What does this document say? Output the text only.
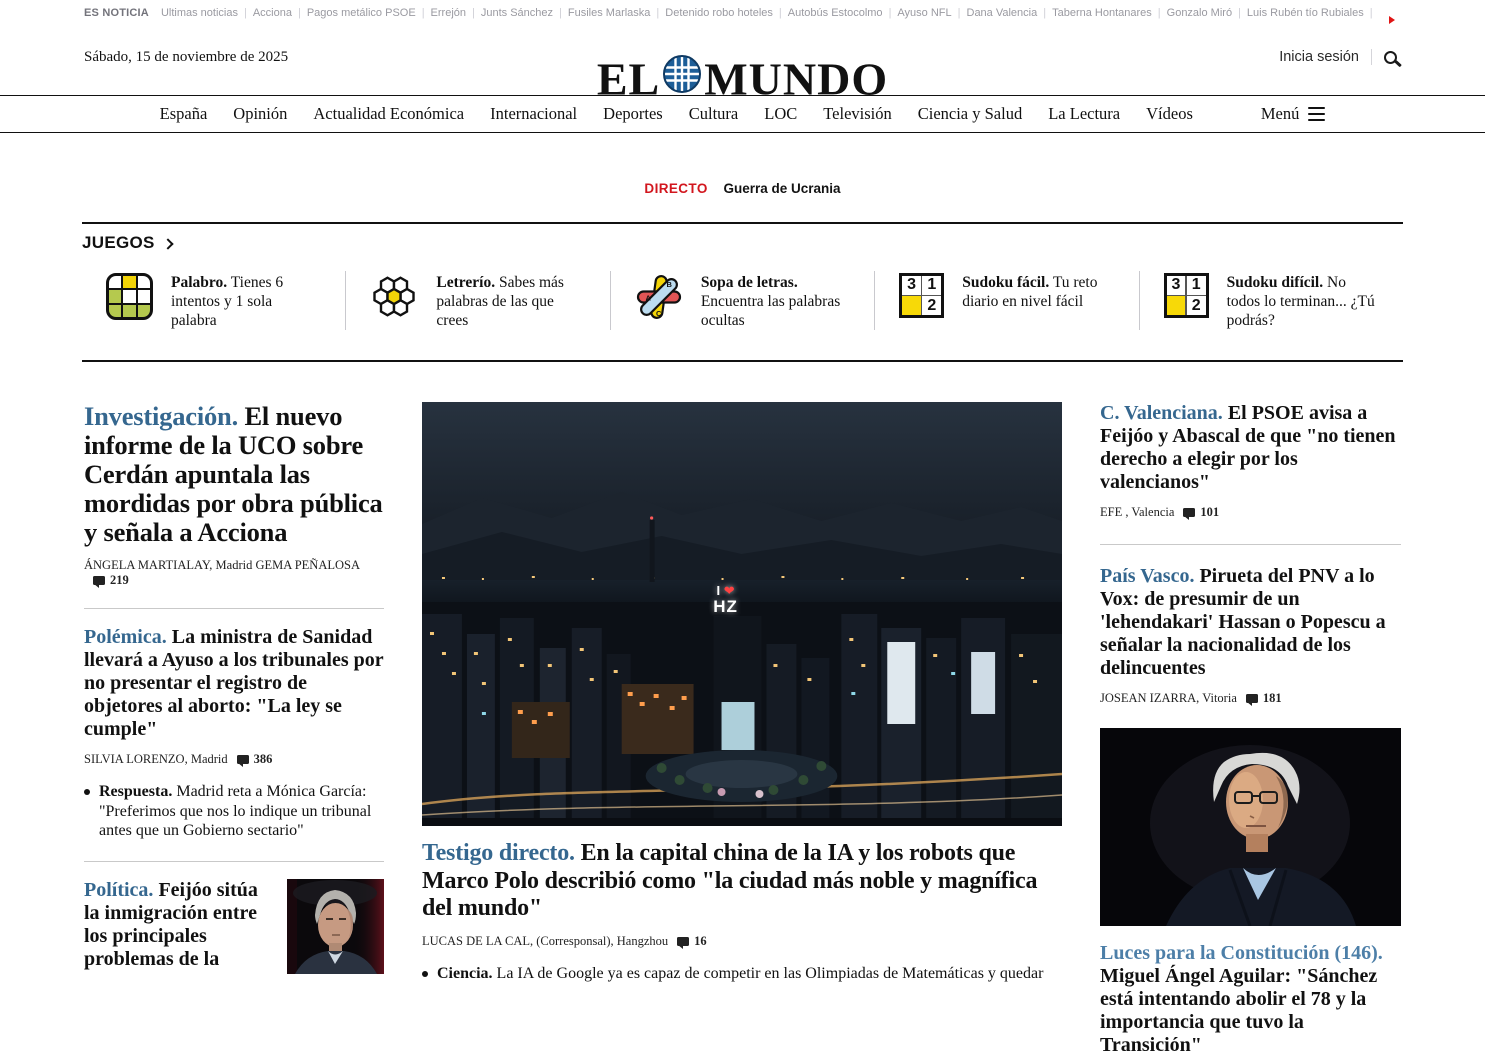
ES NOTICIA Ultimas noticias |	Acciona |	Pagos metálico PSOE |	Errejón |	Junts Sánchez |	Fusiles Marlaska |	Detenido robo hoteles |	Autobús Estocolmo |	Ayuso NFL |	Dana Valencia |	Taberna Hontanares |	Gonzalo Miró |	Luis Rubén tío Rubiales |
Sábado, 15 de noviembre de 2025	EL MUNDO	Inicia sesión
España Opinión Actualidad Económica Internacional Deportes Cultura LOC Televisión Ciencia y Salud La Lectura Vídeos	Menú
DIRECTO Guerra de Ucrania
JUEGOS
Palabro. Tienes 6 intentos y 1 sola palabra
Letrerío. Sabes más palabras de las que crees
A
B
C
Sopa de letras. Encuentra las palabras ocultas
3 1
2
Sudoku fácil. Tu reto diario en nivel fácil
3 1
2
Sudoku difícil. No todos lo terminan... ¿Tú podrás?
Investigación. El nuevo informe de la UCO sobre Cerdán apuntala las mordidas por obra pública y señala a Acciona
ÁNGELA MARTIALAY, Madrid GEMA PEÑALOSA
219
Polémica. La ministra de Sanidad llevará a Ayuso a los tribunales por no presentar el registro de objetores al aborto: "La ley se cumple"
SILVIA LORENZO, Madrid 386
Respuesta. Madrid reta a Mónica García: "Preferimos que nos lo indique un tribunal antes que un Gobierno sectario"
Política. Feijóo sitúa la inmigración entre los principales problemas de la
I ❤
HZ
Testigo directo. En la capital china de la IA y los robots que Marco Polo describió como "la ciudad más noble y magnífica del mundo"
LUCAS DE LA CAL, (Corresponsal), Hangzhou 16
Ciencia. La IA de Google ya es capaz de competir en las Olimpiadas de Matemáticas y quedar
C. Valenciana. El PSOE avisa a Feijóo y Abascal de que "no tienen derecho a elegir por los valencianos"
EFE , Valencia 101
País Vasco. Pirueta del PNV a lo Vox: de presumir de un 'lehendakari' Hassan o Popescu a señalar la nacionalidad de los delincuentes
JOSEAN IZARRA, Vitoria 181
Luces para la Constitución (146). Miguel Ángel Aguilar: "Sánchez está intentando abolir el 78 y la importancia que tuvo la Transición"
